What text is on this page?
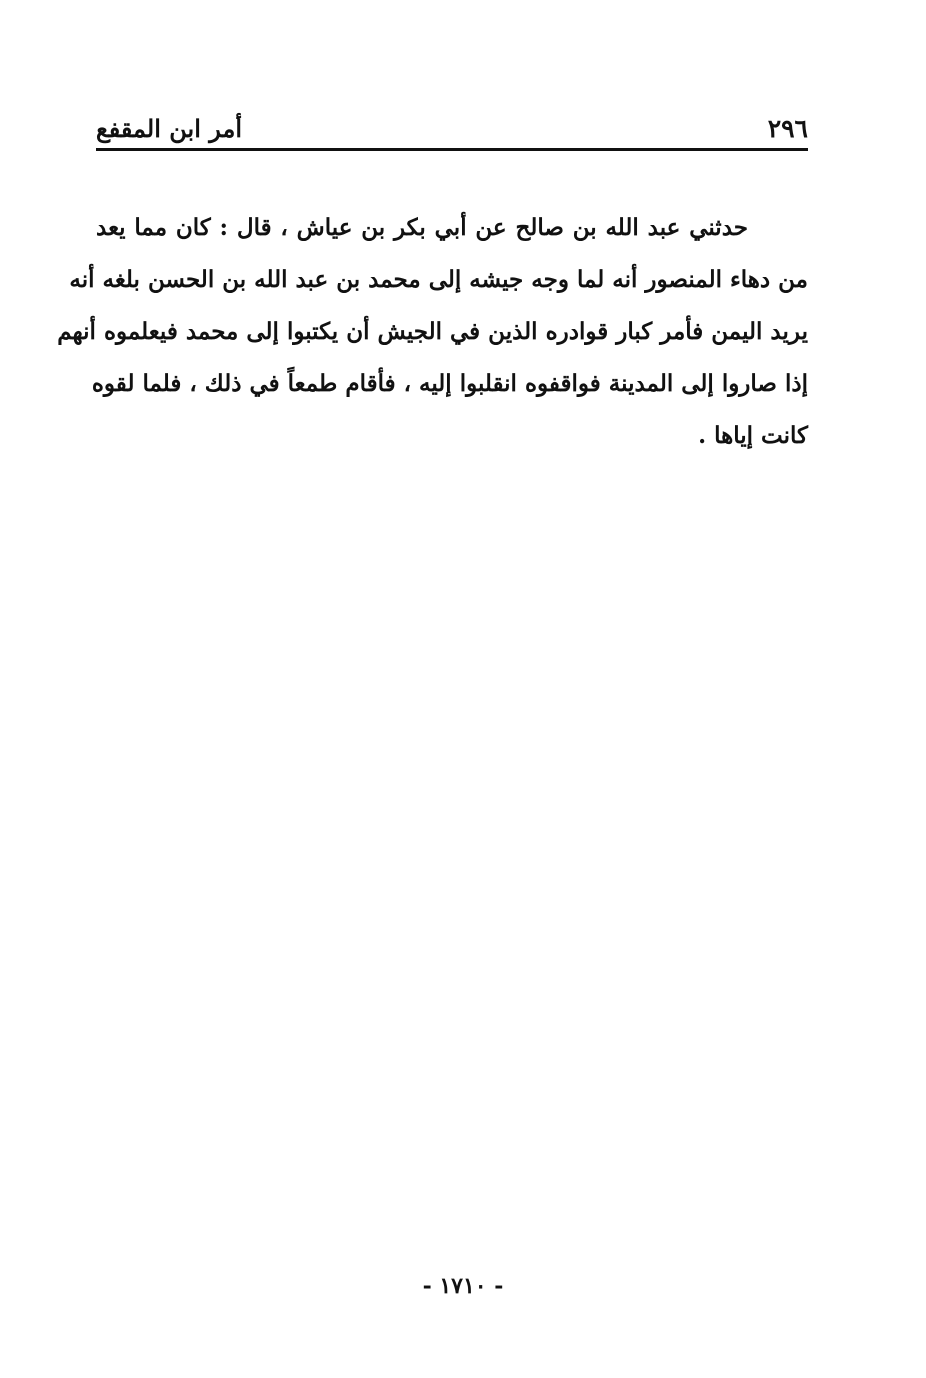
٢٩٦
أمر ابن المقفع
حدثني عبد الله بن صالح عن أبي بكر بن عياش ، قال : كان مما يعد
من دهاء المنصور أنه لما وجه جيشه إلى محمد بن عبد الله بن الحسن بلغه أنه
يريد اليمن فأمر كبار قوادره الذين في الجيش أن يكتبوا إلى محمد فيعلموه أنهم
إذا صاروا إلى المدينة فواقفوه انقلبوا إليه ، فأقام طمعاً في ذلك ، فلما لقوه
كانت إياها .
- ١٧١٠ -
